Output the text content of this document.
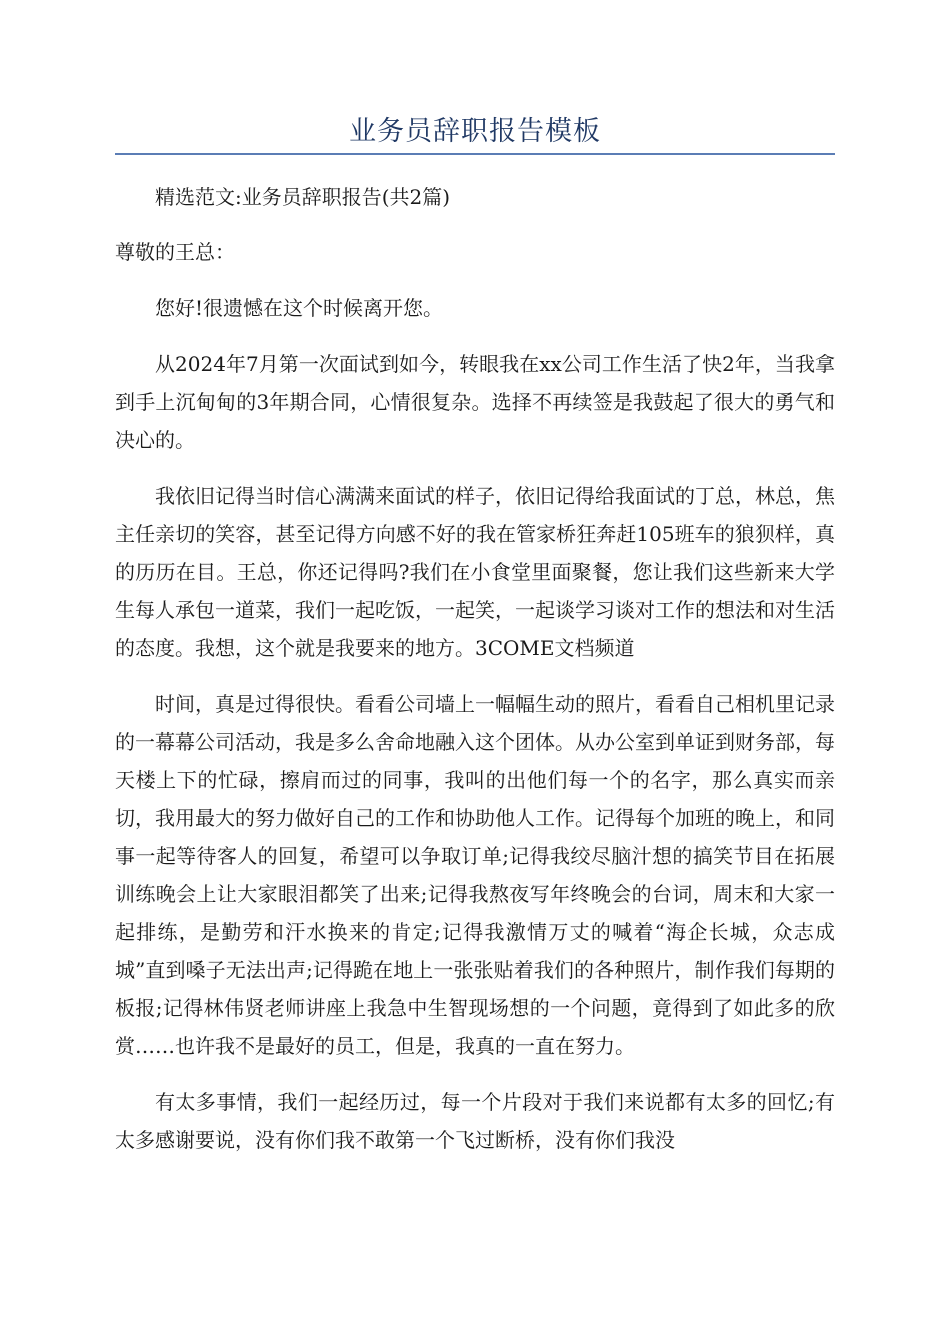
业务员辞职报告模板

精选范文:业务员辞职报告(共2篇)

尊敬的王总：

您好!很遗憾在这个时候离开您。

从2024年7月第一次面试到如今，转眼我在xx公司工作生活了快2年，当我拿到手上沉甸甸的3年期合同，心情很复杂。选择不再续签是我鼓起了很大的勇气和决心的。

我依旧记得当时信心满满来面试的样子，依旧记得给我面试的丁总，林总，焦主任亲切的笑容，甚至记得方向感不好的我在管家桥狂奔赶105班车的狼狈样，真的历历在目。王总，你还记得吗?我们在小食堂里面聚餐，您让我们这些新来大学生每人承包一道菜，我们一起吃饭，一起笑，一起谈学习谈对工作的想法和对生活的态度。我想，这个就是我要来的地方。3COME文档频道

时间，真是过得很快。看看公司墙上一幅幅生动的照片，看看自己相机里记录的一幕幕公司活动，我是多么舍命地融入这个团体。从办公室到单证到财务部，每天楼上下的忙碌，擦肩而过的同事，我叫的出他们每一个的名字，那么真实而亲切，我用最大的努力做好自己的工作和协助他人工作。记得每个加班的晚上，和同事一起等待客人的回复，希望可以争取订单;记得我绞尽脑汁想的搞笑节目在拓展训练晚会上让大家眼泪都笑了出来;记得我熬夜写年终晚会的台词，周末和大家一起排练，是勤劳和汗水换来的肯定;记得我激情万丈的喊着“海企长城，众志成城”直到嗓子无法出声;记得跪在地上一张张贴着我们的各种照片，制作我们每期的板报;记得林伟贤老师讲座上我急中生智现场想的一个问题，竟得到了如此多的欣赏……也许我不是最好的员工，但是，我真的一直在努力。

有太多事情，我们一起经历过，每一个片段对于我们来说都有太多的回忆;有太多感谢要说，没有你们我不敢第一个飞过断桥，没有你们我没
